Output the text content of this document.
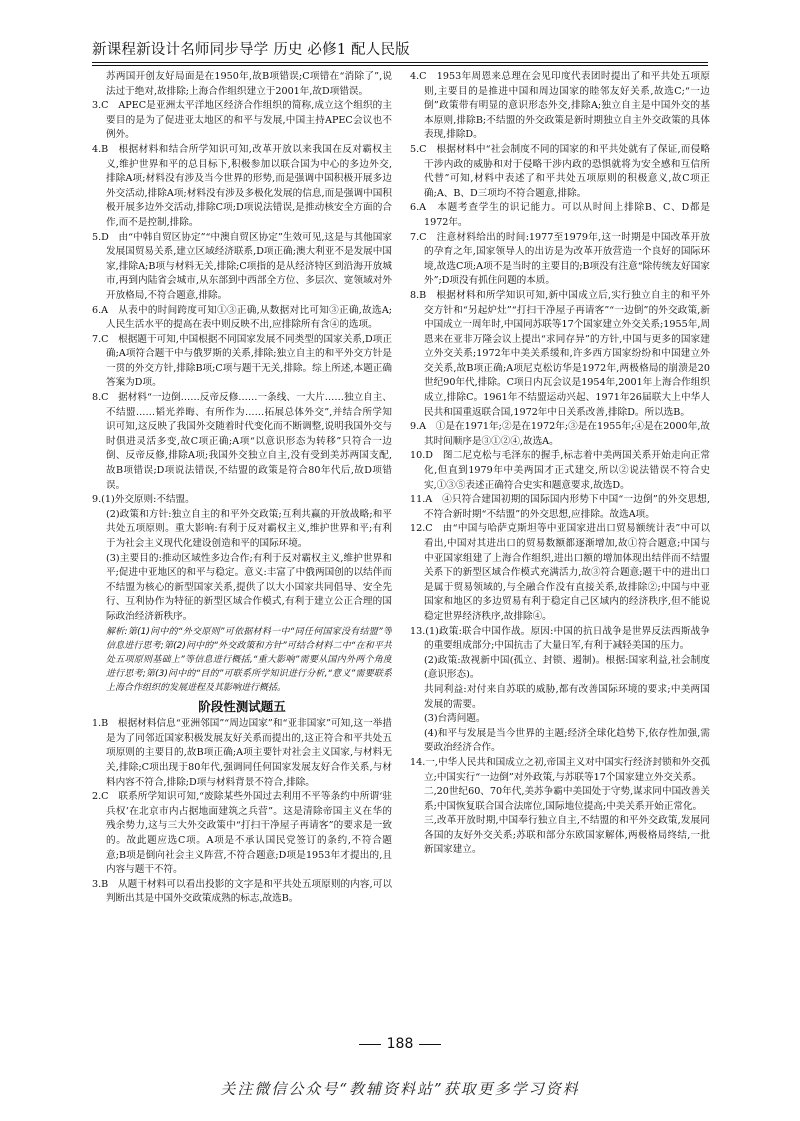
新课程新设计名师同步导学 历史 必修1 配人民版

苏两国开创友好局面是在1950年,故B项错误;C项错在“消除了”,说法过于绝对,故排除;上海合作组织建立于2001年,故D项错误。

3.C　APEC是亚洲太平洋地区经济合作组织的简称,成立这个组织的主要目的是为了促进亚太地区的和平与发展,中国主持APEC会议也不例外。

4.B　根据材料和结合所学知识可知,改革开放以来我国在反对霸权主义,维护世界和平的总目标下,积极参加以联合国为中心的多边外交,排除A项;材料没有涉及当今世界的形势,而是强调中国积极开展多边外交活动,排除A项;材料没有涉及多极化发展的信息,而是强调中国积极开展多边外交活动,排除C项;D项说法错误,是推动核安全方面的合作,而不是控制,排除。

5.D　由“中韩自贸区协定”“中澳自贸区协定”生效可见,这是与其他国家发展国贸易关系,建立区域经济联系,D项正确;澳大利亚不是发展中国家,排除A;B项与材料无关,排除;C项指的是从经济特区到沿海开放城市,再到内陆省会城市,从东部到中西部全方位、多层次、宽领域对外开放格局,不符合题意,排除。

6.A　从表中的时间跨度可知①③正确,从数据对比可知③正确,故选A;人民生活水平的提高在表中则反映不出,应排除所有含④的选项。

7.C　根据题干可知,中国根据不同国家发展不同类型的国家关系,D项正确;A项符合题干中与俄罗斯的关系,排除;独立自主的和平外交方针是一贯的外交方针,排除B项;C项与题干无关,排除。综上所述,本题正确答案为D项。

8.C　据材料“一边倒……反帝反修……一条线、一大片……独立自主、不结盟……韬光养晦、有所作为……拓展总体外交”,并结合所学知识可知,这反映了我国外交随着时代变化而不断调整,说明我国外交与时俱进灵活多变,故C项正确;A项“以意识形态为转移”只符合一边倒、反帝反修,排除A项;我国外交独立自主,没有受到美苏两国支配,故B项错误;D项说法错误,不结盟的政策是符合80年代后,故D项错误。

9.(1)外交原则:不结盟。

(2)政策和方针:独立自主的和平外交政策;互利共赢的开放战略;和平共处五项原则。重大影响:有利于反对霸权主义,维护世界和平;有利于为社会主义现代化建设创造和平的国际环境。

(3)主要目的:推动区域性多边合作;有利于反对霸权主义,维护世界和平;促进中亚地区的和平与稳定。意义:丰富了中俄两国创的以结伴而不结盟为核心的新型国家关系,提供了以大小国家共同倡导、安全先行、互利协作为特征的新型区域合作模式,有利于建立公正合理的国际政治经济新秩序。

解析:第(1)问中的“外交原则”可依据材料一中“同任何国家没有结盟”等信息进行思考;第(2)问中的“外交政策和方针”可结合材料二中“在和平共处五项原则基础上”等信息进行概括,“重大影响”需要从国内外两个角度进行思考;第(3)问中的“目的”可联系所学知识进行分析,“意义”需要联系上海合作组织的发展进程及其影响进行概括。

阶段性测试题五

1.B　根据材料信息“亚洲邻国”“周边国家”和“亚非国家”可知,这一举措是为了同邻近国家积极发展友好关系而提出的,这正符合和平共处五项原则的主要目的,故B项正确;A项主要针对社会主义国家,与材料无关,排除;C项出现于80年代,强调同任何国家发展友好合作关系,与材料内容不符合,排除;D项与材料背景不符合,排除。

2.C　联系所学知识可知,“废除某些外国过去利用不平等条约中所谓‘驻兵权’在北京市内占据地面建筑之兵营”。这是清除帝国主义在华的残余势力,这与三大外交政策中“打扫干净屋子再请客”的要求是一致的。故此题应选C项。A项是不承认国民党签订的条约,不符合题意;B项是倒向社会主义阵营,不符合题意;D项是1953年才提出的,且内容与题干不符。

3.B　从题干材料可以看出投影的文字是和平共处五项原则的内容,可以判断出其是中国外交政策成熟的标志,故选B。

4.C　1953年周恩来总理在会见印度代表团时提出了和平共处五项原则,主要目的是推进中国和周边国家的睦邻友好关系,故选C;“一边倒”政策带有明显的意识形态外交,排除A;独立自主是中国外交的基本原则,排除B;不结盟的外交政策是新时期独立自主外交政策的具体表现,排除D。

5.C　根据材料中“社会制度不同的国家的和平共处就有了保证,而侵略干涉内政的威胁和对于侵略干涉内政的恐惧就将为安全感和互信所代替”可知,材料中表述了和平共处五项原则的积极意义,故C项正确;A、B、D三项均不符合题意,排除。

6.A　本题考查学生的识记能力。可以从时间上排除B、C、D都是1972年。

7.C　注意材料给出的时间:1977至1979年,这一时期是中国改革开放的孕育之年,国家领导人的出访是为改革开放营造一个良好的国际环境,故选C项;A项不是当时的主要目的;B项没有注意“除传统友好国家外”;D项没有抓住问题的本质。

8.B　根据材料和所学知识可知,新中国成立后,实行独立自主的和平外交方针和“另起炉灶”“打扫干净屋子再请客”“一边倒”的外交政策,新中国成立一周年时,中国同苏联等17个国家建立外交关系;1955年,周恩来在亚非万隆会议上提出“求同存异”的方针,中国与更多的国家建立外交关系;1972年中美关系缓和,许多西方国家纷纷和中国建立外交关系,故B项正确;A项尼克松访华是1972年,两极格局的崩溃是20世纪90年代,排除。C项日内瓦会议是1954年,2001年上海合作组织成立,排除C。1961年不结盟运动兴起、1971年26届联大上中华人民共和国重返联合国,1972年中日关系改善,排除D。所以选B。

9.A　①是在1971年;②是在1972年;③是在1955年;④是在2000年,故其时间顺序是③①②④,故选A。

10.D　图二尼克松与毛泽东的握手,标志着中美两国关系开始走向正常化,但直到1979年中美两国才正式建交,所以②说法错误不符合史实,①③⑤表述正确符合史实和题意要求,故选D。

11.A　④只符合建国初期的国际国内形势下中国“一边倒”的外交思想,不符合新时期“不结盟”的外交思想,应排除。故选A项。

12.C　由“中国与哈萨克斯坦等中亚国家进出口贸易额统计表”中可以看出,中国对其进出口的贸易数额都逐渐增加,故①符合题意;中国与中亚国家组建了上海合作组织,进出口额的增加体现出结伴而不结盟关系下的新型区域合作模式充满活力,故③符合题意;题干中的进出口是属于贸易领域的,与全融合作没有直接关系,故排除②;中国与中亚国家和地区的多边贸易有利于稳定自己区域内的经济秩序,但不能说稳定世界经济秩序,故排除④。

13.(1)政策:联合中国作战。原因:中国的抗日战争是世界反法西斯战争的重要组成部分;中国抗击了大量日军,有利于减轻美国的压力。

(2)政策:敌视新中国(孤立、封锁、遏制)。根据:国家利益,社会制度(意识形态)。

共同利益:对付来自苏联的威胁,都有改善国际环境的要求;中美两国发展的需要。

(3)台湾问题。

(4)和平与发展是当今世界的主题;经济全球化趋势下,依存性加强,需要政治经济合作。

14.一,中华人民共和国成立之初,帝国主义对中国实行经济封锁和外交孤立;中国实行“一边倒”对外政策,与苏联等17个国家建立外交关系。

二,20世纪60、70年代,美苏争霸中美国处于守势,谋求同中国改善关系;中国恢复联合国合法席位,国际地位提高;中美关系开始正常化。

三,改革开放时期,中国奉行独立自主,不结盟的和平外交政策,发展同各国的友好外交关系;苏联和部分东欧国家解体,两极格局终结,一批新国家建立。

188
关注微信公众号“教辅资料站”获取更多学习资料
